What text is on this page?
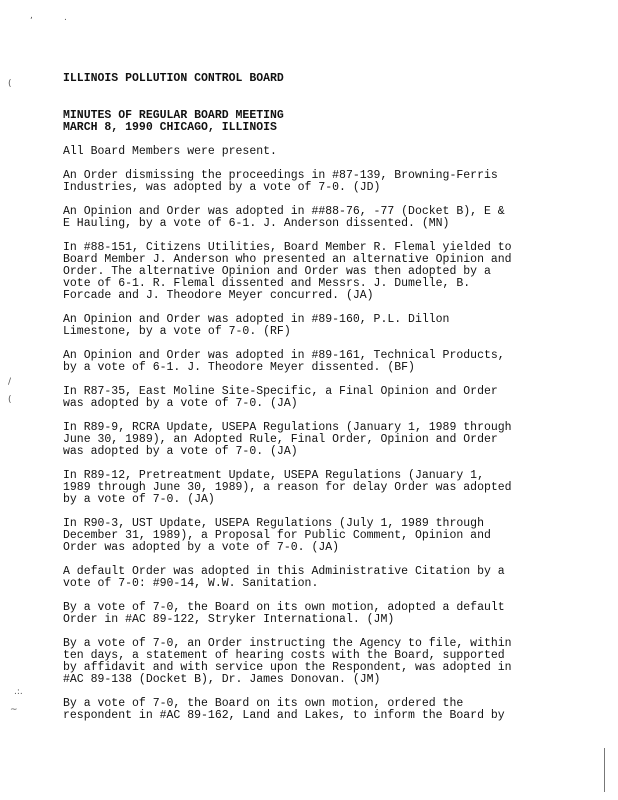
,	.
(
/
(
.:.
~
ILLINOIS POLLUTION CONTROL BOARD
MINUTES OF REGULAR BOARD MEETING
MARCH 8, 1990 CHICAGO, ILLINOIS
All Board Members were present.
An Order dismissing the proceedings in #87-139, Browning-Ferris
Industries, was adopted by a vote of 7-0. (JD)
An Opinion and Order was adopted in ##88-76, -77 (Docket B), E &
E Hauling, by a vote of 6-1. J. Anderson dissented. (MN)
In #88-151, Citizens Utilities, Board Member R. Flemal yielded to
Board Member J. Anderson who presented an alternative Opinion and
Order. The alternative Opinion and Order was then adopted by a
vote of 6-1. R. Flemal dissented and Messrs. J. Dumelle, B.
Forcade and J. Theodore Meyer concurred. (JA)
An Opinion and Order was adopted in #89-160, P.L. Dillon
Limestone, by a vote of 7-0. (RF)
An Opinion and Order was adopted in #89-161, Technical Products,
by a vote of 6-1. J. Theodore Meyer dissented. (BF)
In R87-35, East Moline Site-Specific, a Final Opinion and Order
was adopted by a vote of 7-0. (JA)
In R89-9, RCRA Update, USEPA Regulations (January 1, 1989 through
June 30, 1989), an Adopted Rule, Final Order, Opinion and Order
was adopted by a vote of 7-0. (JA)
In R89-12, Pretreatment Update, USEPA Regulations (January 1,
1989 through June 30, 1989), a reason for delay Order was adopted
by a vote of 7-0. (JA)
In R90-3, UST Update, USEPA Regulations (July 1, 1989 through
December 31, 1989), a Proposal for Public Comment, Opinion and
Order was adopted by a vote of 7-0. (JA)
A default Order was adopted in this Administrative Citation by a
vote of 7-0: #90-14, W.W. Sanitation.
By a vote of 7-0, the Board on its own motion, adopted a default
Order in #AC 89-122, Stryker International. (JM)
By a vote of 7-0, an Order instructing the Agency to file, within
ten days, a statement of hearing costs with the Board, supported
by affidavit and with service upon the Respondent, was adopted in
#AC 89-138 (Docket B), Dr. James Donovan. (JM)
By a vote of 7-0, the Board on its own motion, ordered the
respondent in #AC 89-162, Land and Lakes, to inform the Board by
